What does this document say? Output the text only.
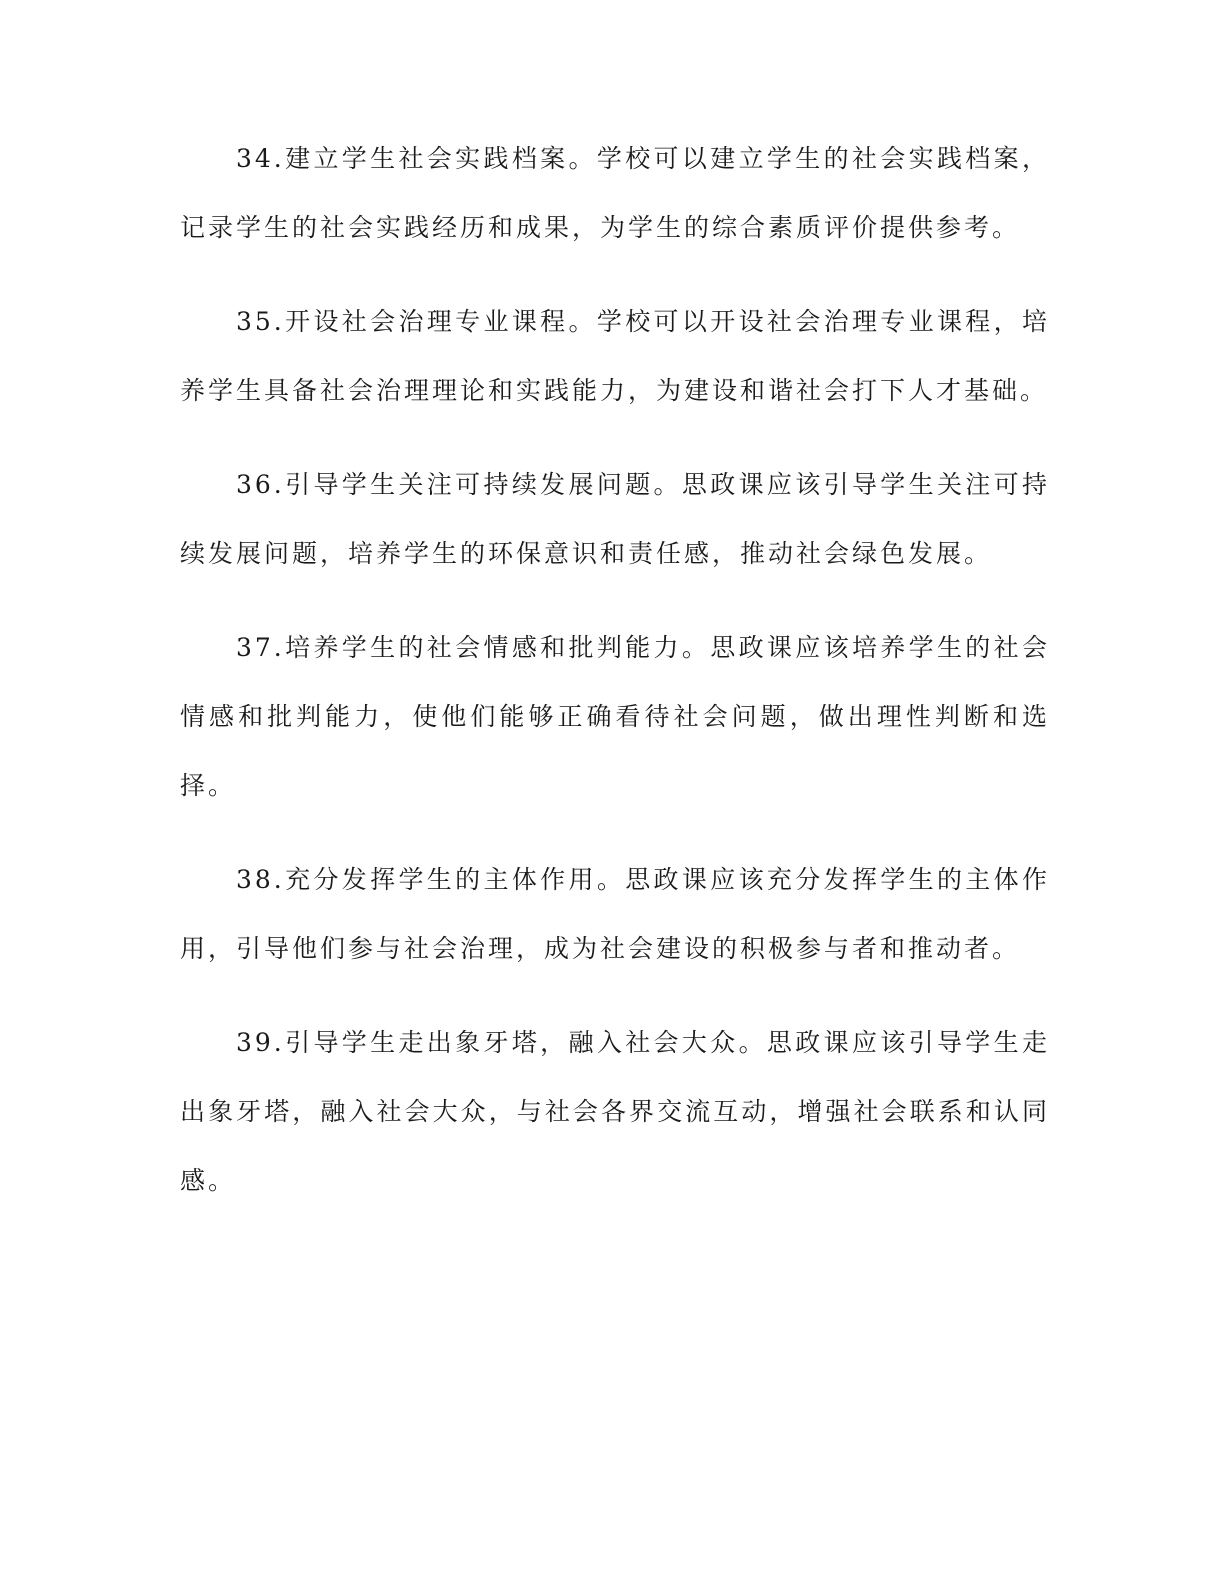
34.建立学生社会实践档案。学校可以建立学生的社会实践档案，记录学生的社会实践经历和成果，为学生的综合素质评价提供参考。

35.开设社会治理专业课程。学校可以开设社会治理专业课程，培养学生具备社会治理理论和实践能力，为建设和谐社会打下人才基础。

36.引导学生关注可持续发展问题。思政课应该引导学生关注可持续发展问题，培养学生的环保意识和责任感，推动社会绿色发展。

37.培养学生的社会情感和批判能力。思政课应该培养学生的社会情感和批判能力，使他们能够正确看待社会问题，做出理性判断和选择。

38.充分发挥学生的主体作用。思政课应该充分发挥学生的主体作用，引导他们参与社会治理，成为社会建设的积极参与者和推动者。

39.引导学生走出象牙塔，融入社会大众。思政课应该引导学生走出象牙塔，融入社会大众，与社会各界交流互动，增强社会联系和认同感。
